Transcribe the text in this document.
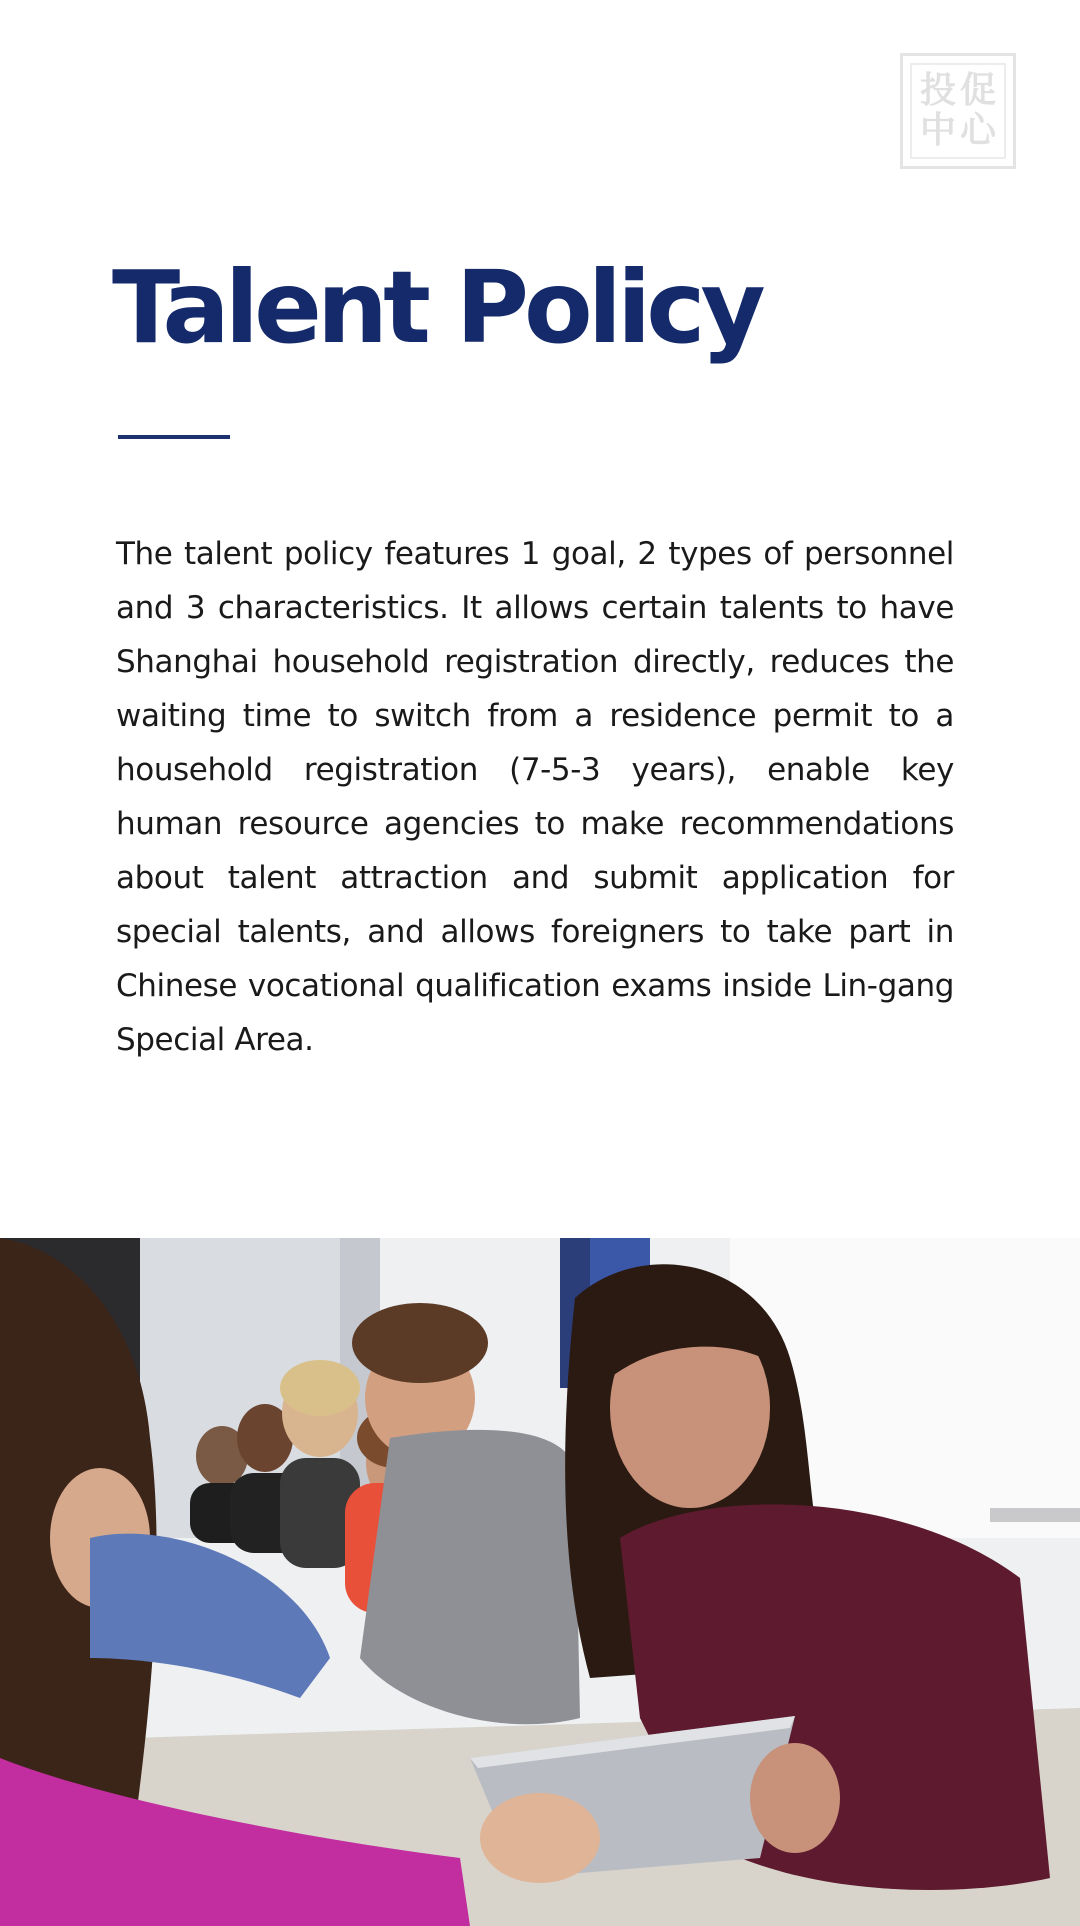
投 促
中 心
Talent Policy

The talent policy features 1 goal, 2 types of personnel and 3 characteristics. It allows certain talents to have Shanghai household registration directly, reduces the waiting time to switch from a residence permit to a household registration (7-5-3 years), enable key human resource agencies to make recommendations about talent attraction and submit application for special talents, and allows foreigners to take part in Chinese vocational qualification exams inside Lin-gang Special Area.
